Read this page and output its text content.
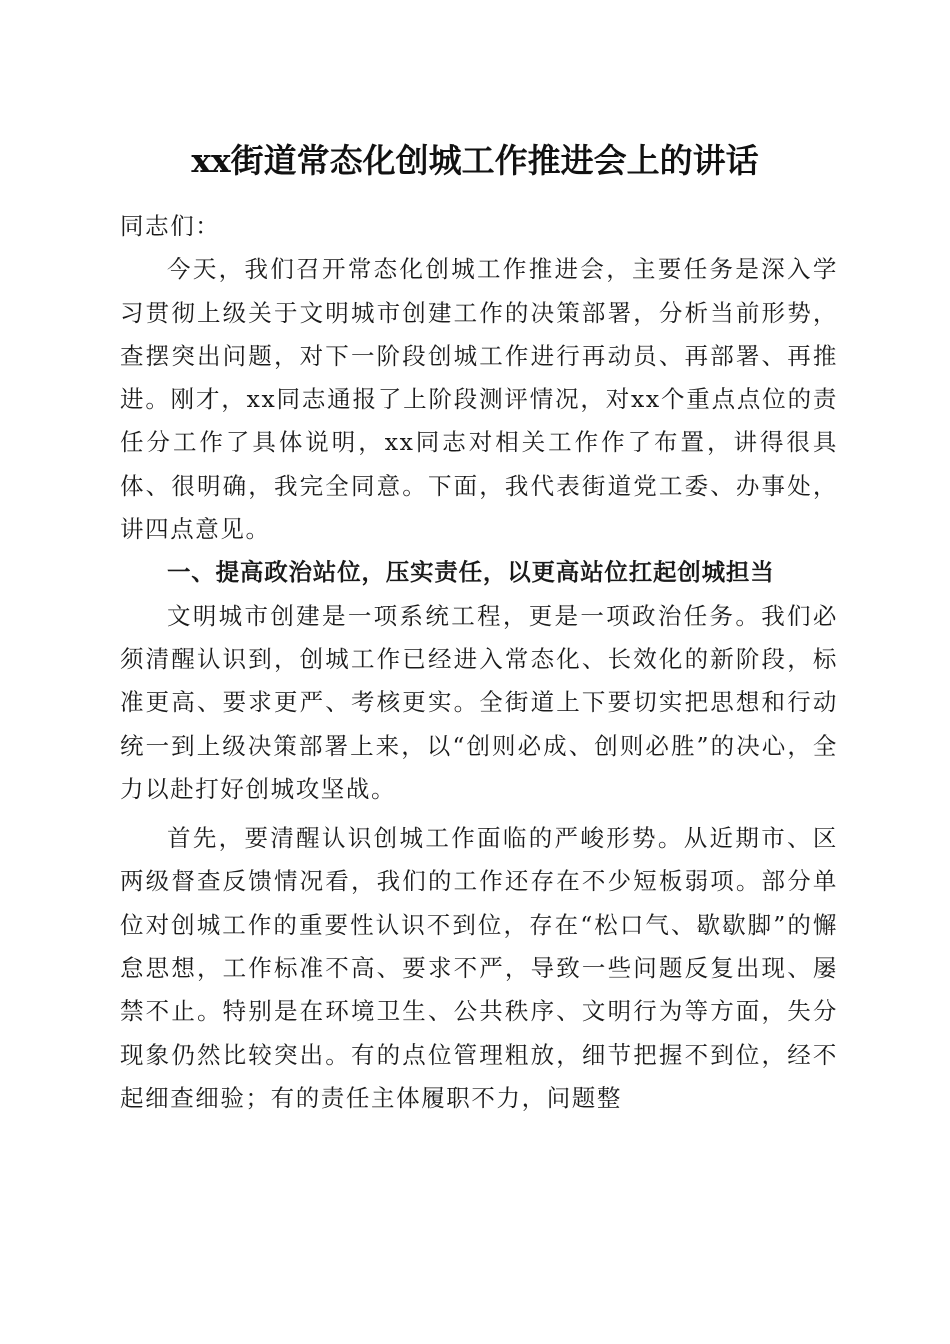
xx街道常态化创城工作推进会上的讲话

同志们：

今天，我们召开常态化创城工作推进会，主要任务是深入学习贯彻上级关于文明城市创建工作的决策部署，分析当前形势，查摆突出问题，对下一阶段创城工作进行再动员、再部署、再推进。刚才，xx同志通报了上阶段测评情况，对xx个重点点位的责任分工作了具体说明，xx同志对相关工作作了布置，讲得很具体、很明确，我完全同意。下面，我代表街道党工委、办事处，讲四点意见。

一、提高政治站位，压实责任，以更高站位扛起创城担当

文明城市创建是一项系统工程，更是一项政治任务。我们必须清醒认识到，创城工作已经进入常态化、长效化的新阶段，标准更高、要求更严、考核更实。全街道上下要切实把思想和行动统一到上级决策部署上来，以“创则必成、创则必胜”的决心，全力以赴打好创城攻坚战。

首先，要清醒认识创城工作面临的严峻形势。从近期市、区两级督查反馈情况看，我们的工作还存在不少短板弱项。部分单位对创城工作的重要性认识不到位，存在“松口气、歇歇脚”的懈怠思想，工作标准不高、要求不严，导致一些问题反复出现、屡禁不止。特别是在环境卫生、公共秩序、文明行为等方面，失分现象仍然比较突出。有的点位管理粗放，细节把握不到位，经不起细查细验；有的责任主体履职不力，问题整
